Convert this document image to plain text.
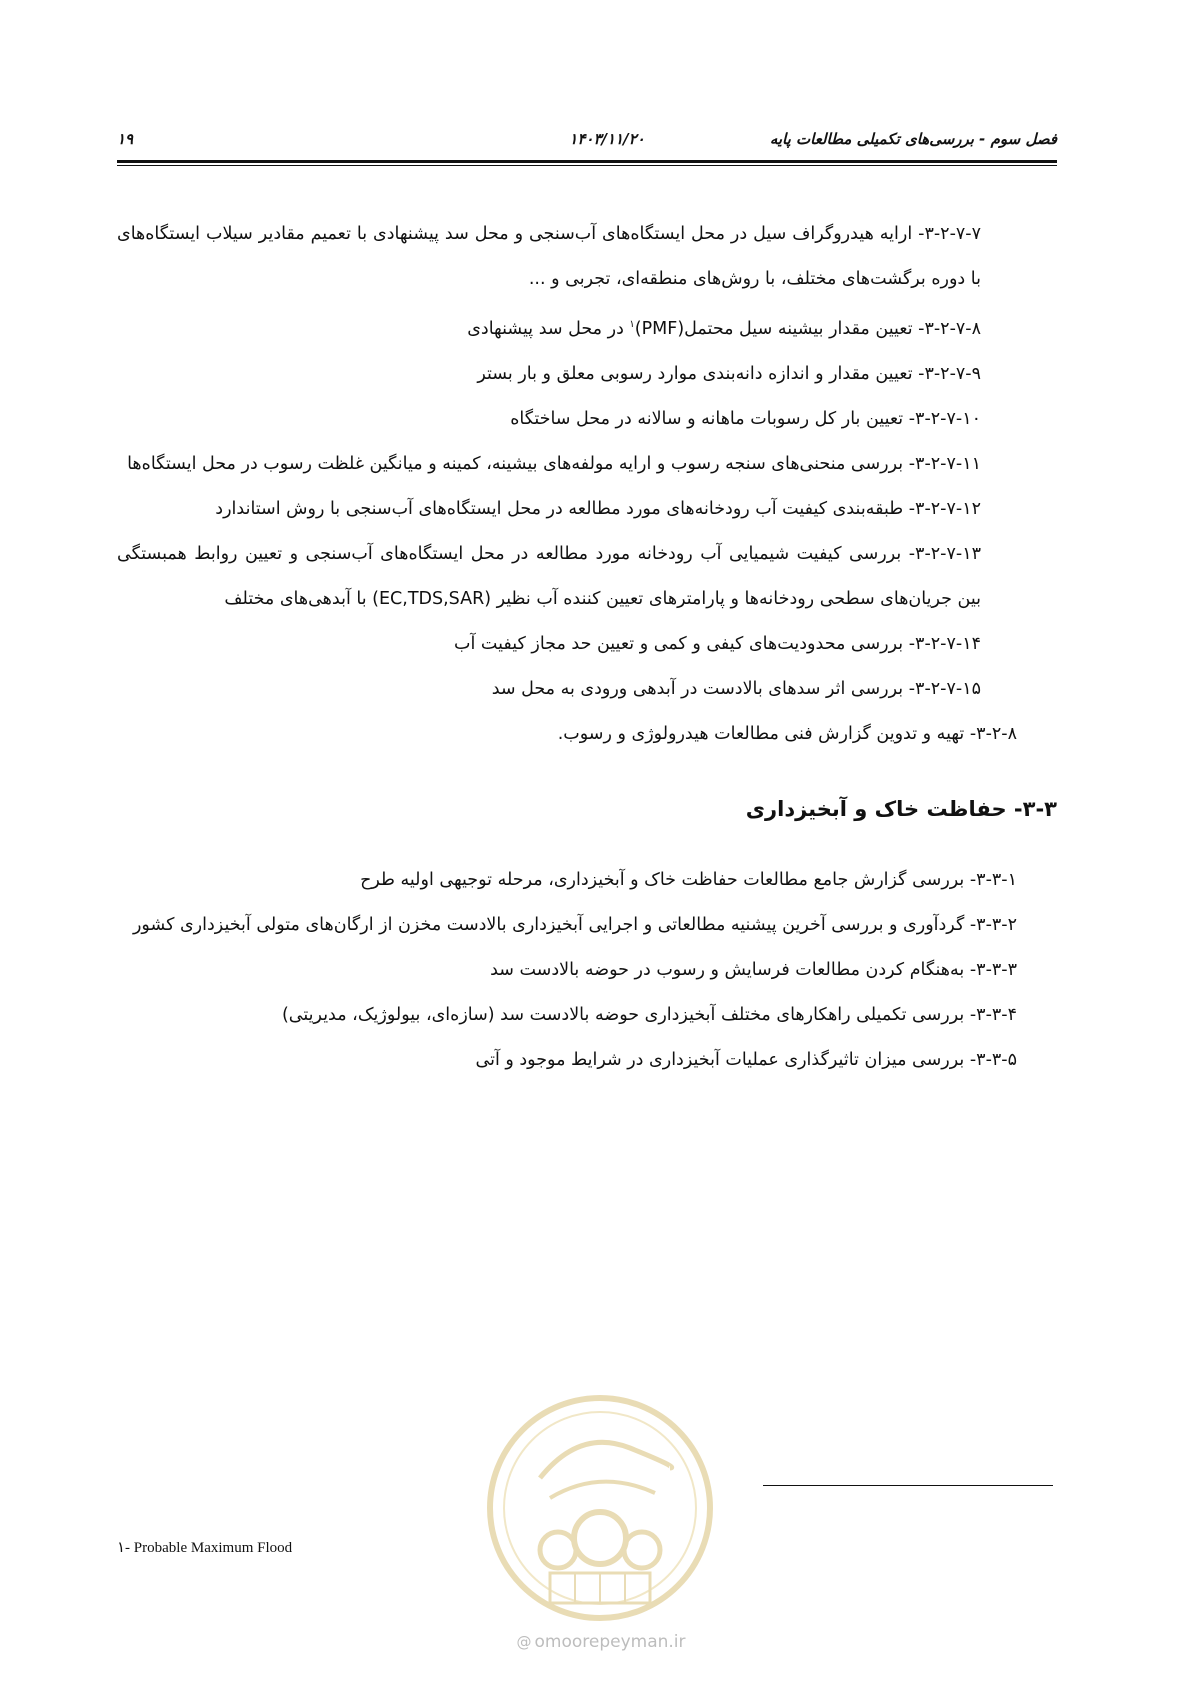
فصل سوم - بررسی‌های تکمیلی مطالعات پایه
۱۴۰۳/۱۱/۲۰
۱۹

۳-۲-۷-۷- ارایه هیدروگراف سیل در محل ایستگاه‌های آب‌سنجی و محل سد پیشنهادی با تعمیم مقادیر سیلاب ایستگاه‌های با دوره برگشت‌های مختلف، با روش‌های منطقه‌ای، تجربی و ...

۳-۲-۷-۸- تعیین مقدار بیشینه سیل محتمل(PMF)$^۱$ در محل سد پیشنهادی

۳-۲-۷-۹- تعیین مقدار و اندازه دانه‌بندی موارد رسوبی معلق و بار بستر

۳-۲-۷-۱۰- تعیین بار کل رسوبات ماهانه و سالانه در محل ساختگاه

۳-۲-۷-۱۱- بررسی منحنی‌های سنجه رسوب و ارایه مولفه‌های بیشینه، کمینه و میانگین غلظت رسوب در محل ایستگاه‌ها

۳-۲-۷-۱۲- طبقه‌بندی کیفیت آب رودخانه‌های مورد مطالعه در محل ایستگاه‌های آب‌سنجی با روش استاندارد

۳-۲-۷-۱۳- بررسی کیفیت شیمیایی آب رودخانه مورد مطالعه در محل ایستگاه‌های آب‌سنجی و تعیین روابط همبستگی بین جریان‌های سطحی رودخانه‌ها و پارامترهای تعیین کننده آب نظیر (EC,TDS,SAR) با آبدهی‌های مختلف

۳-۲-۷-۱۴- بررسی محدودیت‌های کیفی و کمی و تعیین حد مجاز کیفیت آب

۳-۲-۷-۱۵- بررسی اثر سدهای بالادست در آبدهی ورودی به محل سد

۳-۲-۸- تهیه و تدوین گزارش فنی مطالعات هیدرولوژی و رسوب.

۳-۳- حفاظت خاک و آبخیزداری

۳-۳-۱- بررسی گزارش جامع مطالعات حفاظت خاک و آبخیزداری، مرحله توجیهی اولیه طرح

۳-۳-۲- گردآوری و بررسی آخرین پیشنیه مطالعاتی و اجرایی آبخیزداری بالادست مخزن از ارگان‌های متولی آبخیزداری کشور

۳-۳-۳- به‌هنگام کردن مطالعات فرسایش و رسوب در حوضه بالادست سد

۳-۳-۴- بررسی تکمیلی راهکارهای مختلف آبخیزداری حوضه بالادست سد (سازه‌ای، بیولوژیک، مدیریتی)

۳-۳-۵- بررسی میزان تاثیرگذاری عملیات آبخیزداری در شرایط موجود و آتی

۱- Probable Maximum Flood
@ omoorepeyman.ir
